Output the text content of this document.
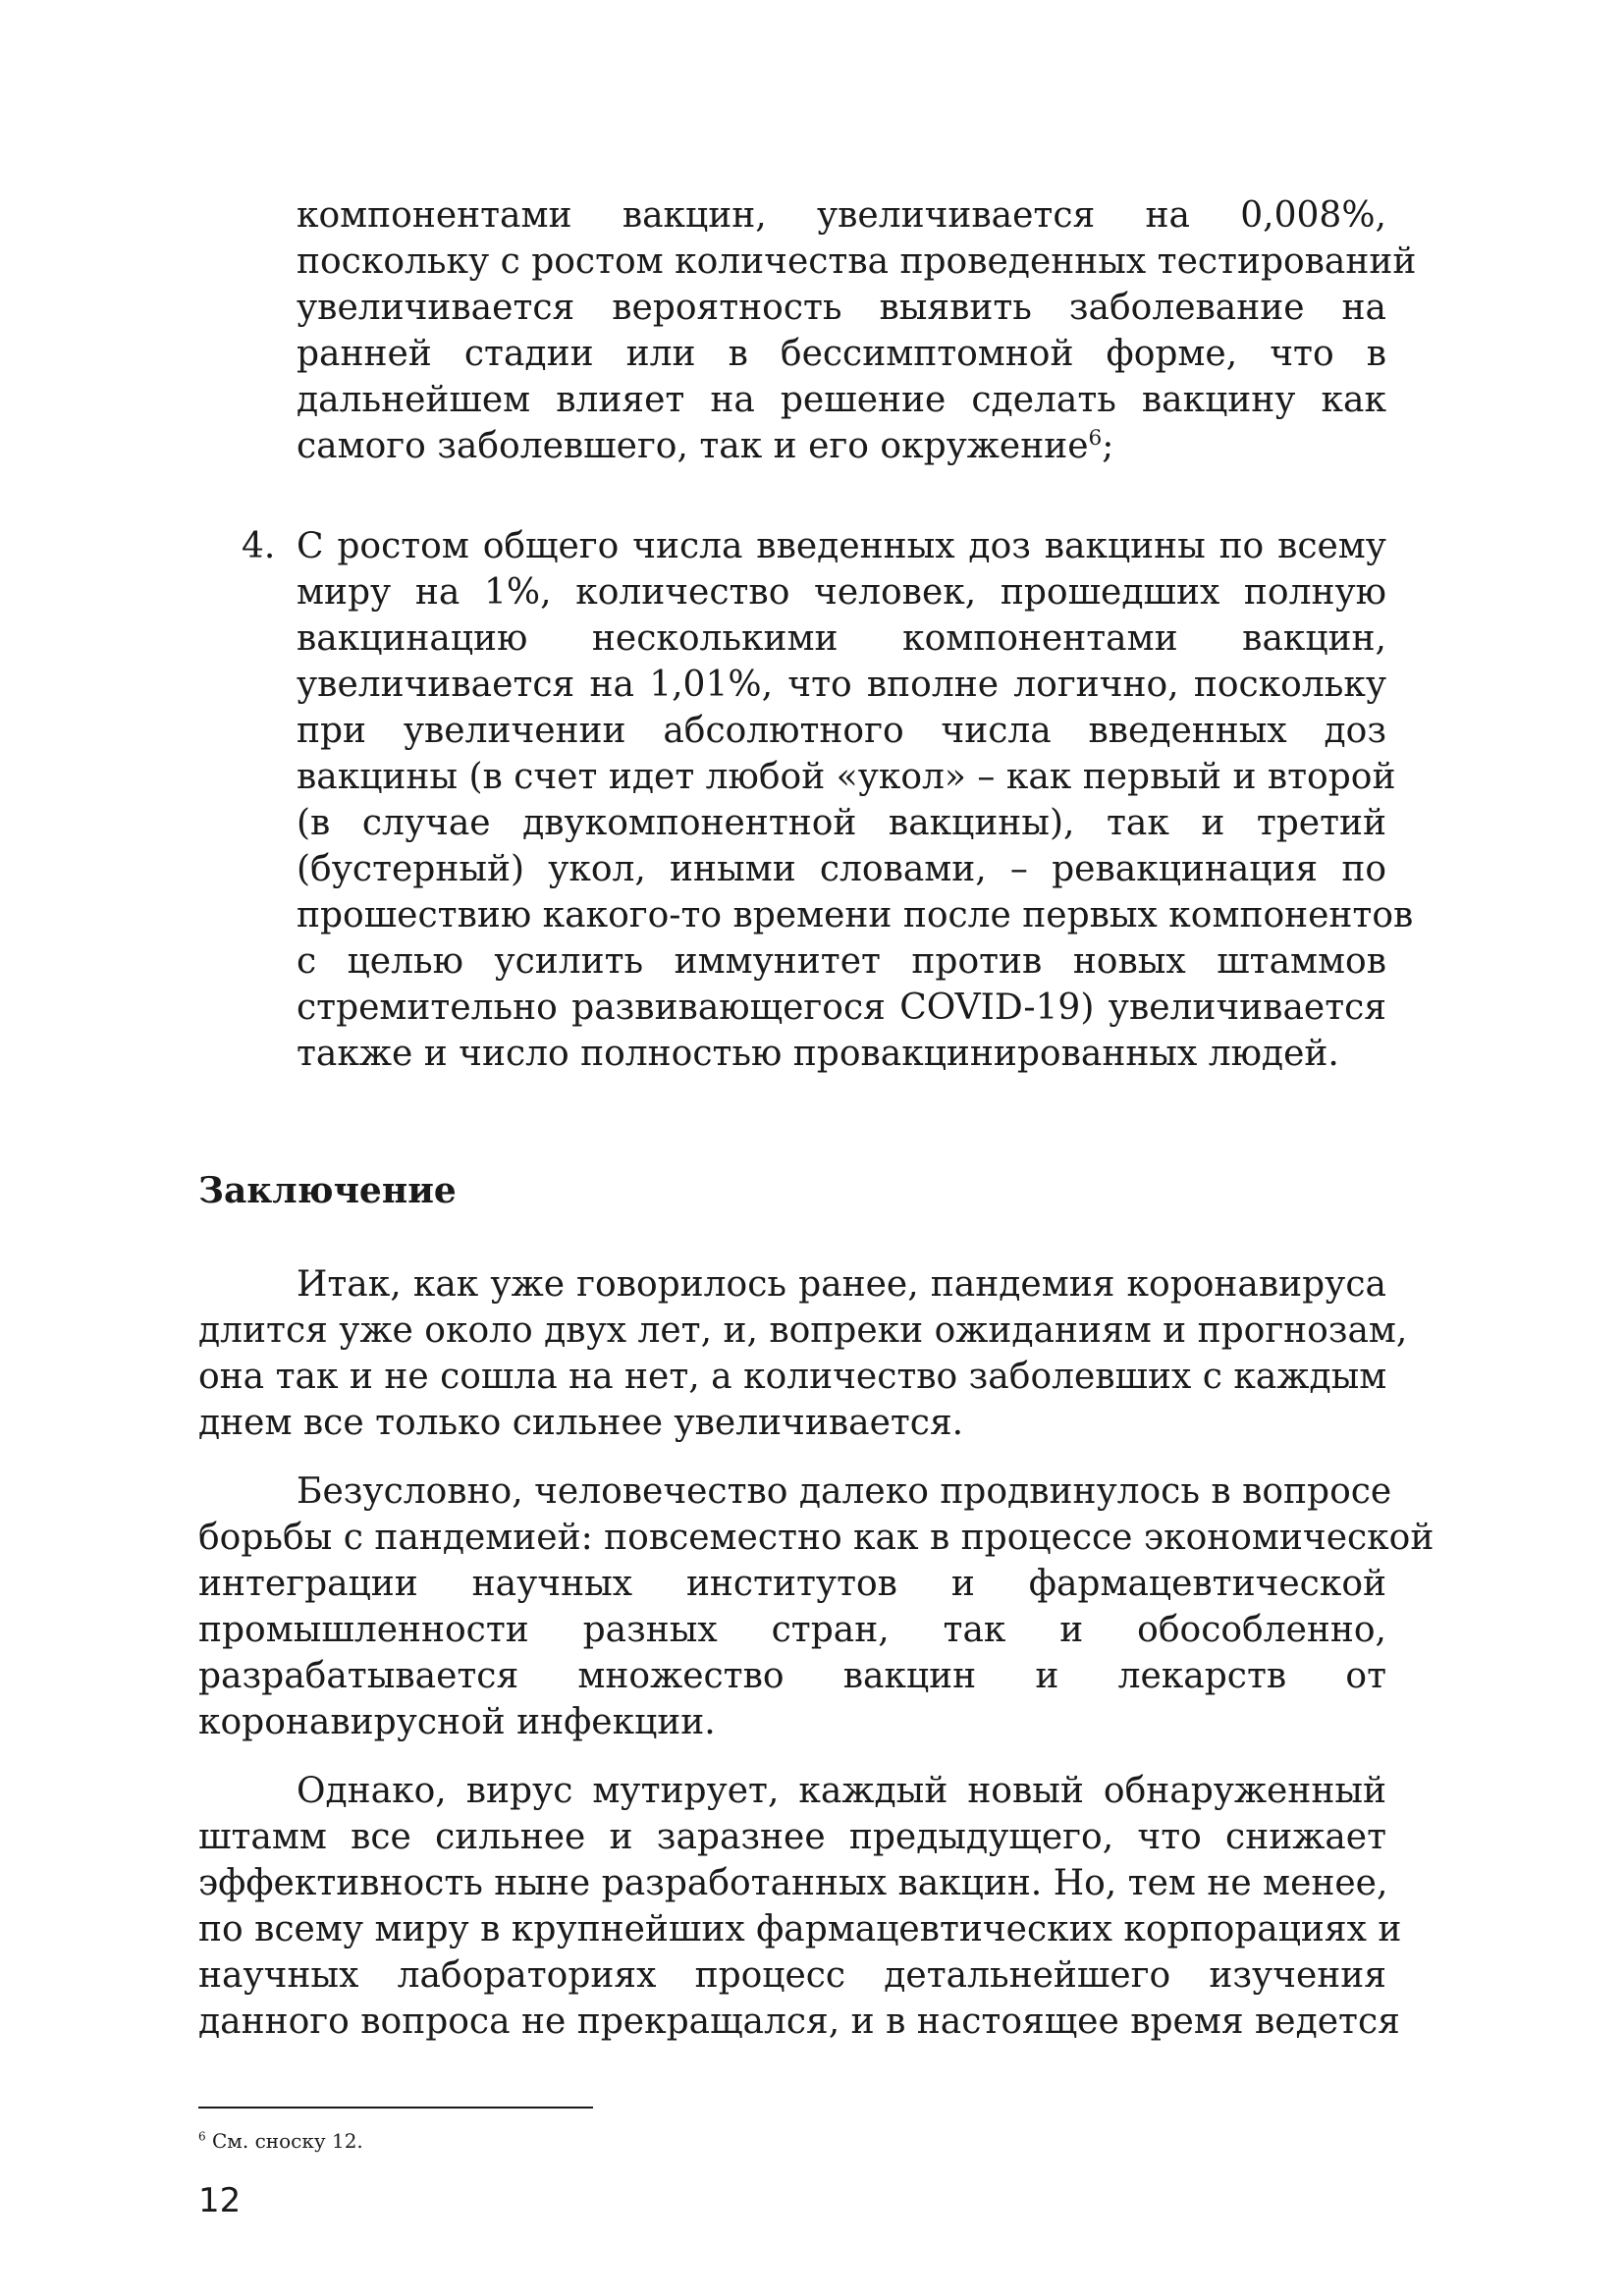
компонентами вакцин, увеличивается на 0,008%,
поскольку с ростом количества проведенных тестирований
увеличивается вероятность выявить заболевание на
ранней стадии или в бессимптомной форме, что в
дальнейшем влияет на решение сделать вакцину как
самого заболевшего, так и его окружение$^6$;
4. С ростом общего числа введенных доз вакцины по всему
миру на 1%, количество человек, прошедших полную
вакцинацию несколькими компонентами вакцин,
увеличивается на 1,01%, что вполне логично, поскольку
при увеличении абсолютного числа введенных доз
вакцины (в счет идет любой «укол» – как первый и второй
(в случае двукомпонентной вакцины), так и третий
(бустерный) укол, иными словами, – ревакцинация по
прошествию какого-то времени после первых компонентов
с целью усилить иммунитет против новых штаммов
стремительно развивающегося COVID-19) увеличивается
также и число полностью провакцинированных людей.
Заключение
Итак, как уже говорилось ранее, пандемия коронавируса
длится уже около двух лет, и, вопреки ожиданиям и прогнозам,
она так и не сошла на нет, а количество заболевших с каждым
днем все только сильнее увеличивается.
Безусловно, человечество далеко продвинулось в вопросе
борьбы с пандемией: повсеместно как в процессе экономической
интеграции научных институтов и фармацевтической
промышленности разных стран, так и обособленно,
разрабатывается множество вакцин и лекарств от
коронавирусной инфекции.
Однако, вирус мутирует, каждый новый обнаруженный
штамм все сильнее и заразнее предыдущего, что снижает
эффективность ныне разработанных вакцин. Но, тем не менее,
по всему миру в крупнейших фармацевтических корпорациях и
научных лабораториях процесс детальнейшего изучения
данного вопроса не прекращался, и в настоящее время ведется
$^6$ См. сноску 12.
12
